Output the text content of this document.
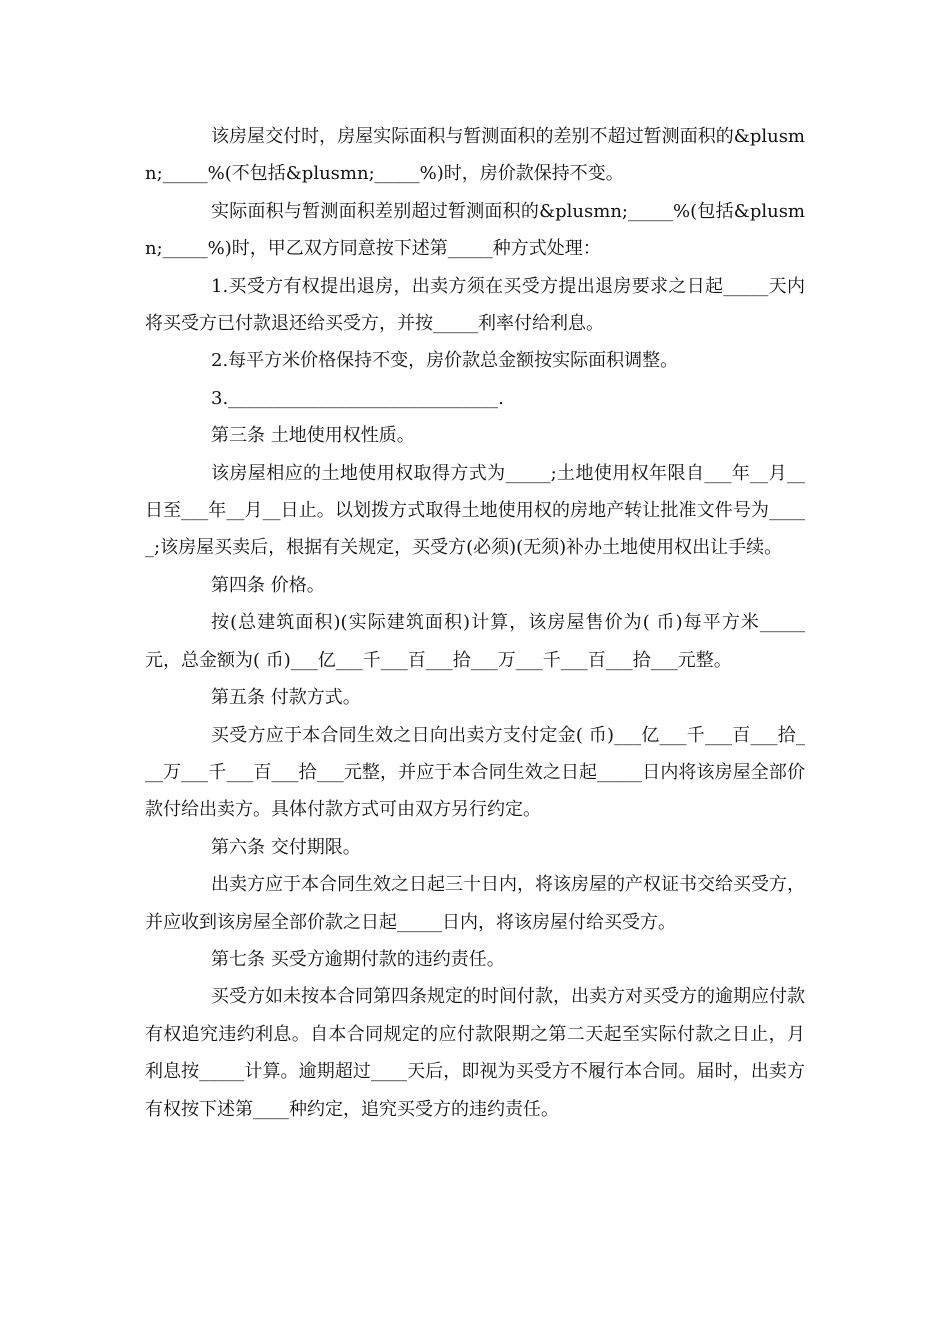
该房屋交付时，房屋实际面积与暂测面积的差别不超过暂测面积的&plusmn;_____%(不包括&plusmn;_____%)时，房价款保持不变。

实际面积与暂测面积差别超过暂测面积的&plusmn;_____%(包括&plusmn;_____%)时，甲乙双方同意按下述第_____种方式处理：

1.买受方有权提出退房，出卖方须在买受方提出退房要求之日起_____天内将买受方已付款退还给买受方，并按_____利率付给利息。

2.每平方米价格保持不变，房价款总金额按实际面积调整。

3.______________________________.

第三条 土地使用权性质。

该房屋相应的土地使用权取得方式为_____;土地使用权年限自___年__月__日至___年__月__日止。以划拨方式取得土地使用权的房地产转让批准文件号为_____;该房屋买卖后，根据有关规定，买受方(必须)(无须)补办土地使用权出让手续。

第四条 价格。

按(总建筑面积)(实际建筑面积)计算，该房屋售价为( 币)每平方米_____元，总金额为( 币)___亿___千___百___拾___万___千___百___拾___元整。

第五条 付款方式。

买受方应于本合同生效之日向出卖方支付定金( 币)___亿___千___百___拾___万___千___百___拾___元整，并应于本合同生效之日起_____日内将该房屋全部价款付给出卖方。具体付款方式可由双方另行约定。

第六条 交付期限。

出卖方应于本合同生效之日起三十日内，将该房屋的产权证书交给买受方，并应收到该房屋全部价款之日起_____日内，将该房屋付给买受方。

第七条 买受方逾期付款的违约责任。

买受方如未按本合同第四条规定的时间付款，出卖方对买受方的逾期应付款有权追究违约利息。自本合同规定的应付款限期之第二天起至实际付款之日止，月利息按_____计算。逾期超过____天后，即视为买受方不履行本合同。届时，出卖方有权按下述第____种约定，追究买受方的违约责任。
